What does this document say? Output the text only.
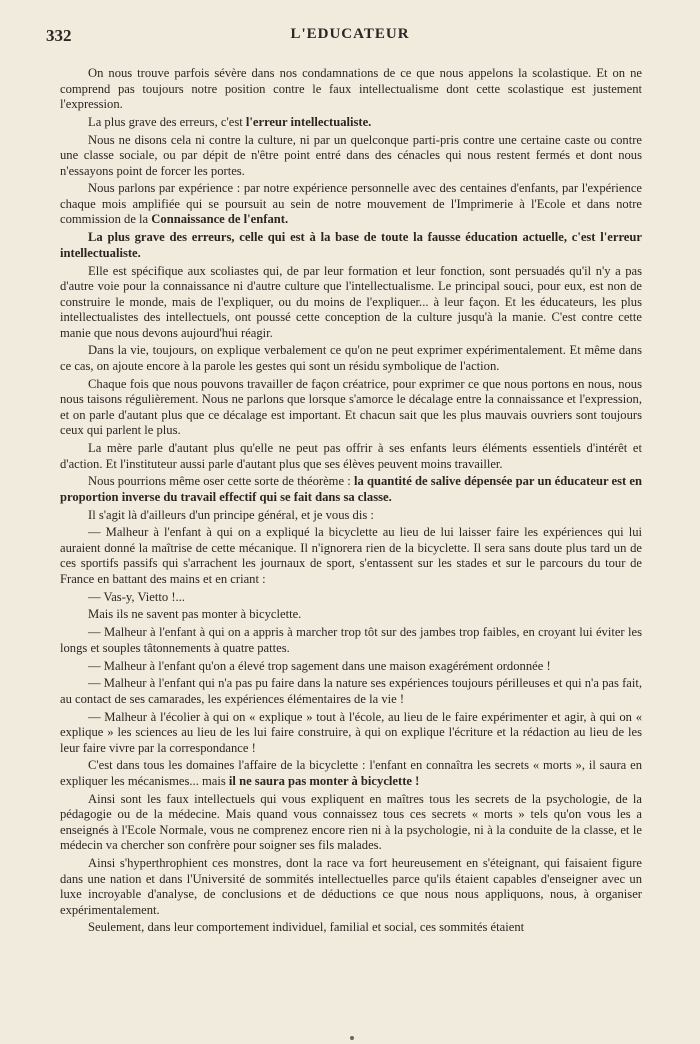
332	L'EDUCATEUR

On nous trouve parfois sévère dans nos condamnations de ce que nous appelons la scolastique. Et on ne comprend pas toujours notre position contre le faux intellectualisme dont cette scolastique est justement l'expression.

La plus grave des erreurs, c'est l'erreur intellectualiste.

Nous ne disons cela ni contre la culture, ni par un quelconque parti-pris contre une certaine caste ou contre une classe sociale, ou par dépit de n'être point entré dans des cénacles qui nous restent fermés et dont nous n'essayons point de forcer les portes.

Nous parlons par expérience : par notre expérience personnelle avec des centaines d'enfants, par l'expérience chaque mois amplifiée qui se poursuit au sein de notre mouvement de l'Imprimerie à l'Ecole et dans notre commission de la Connaissance de l'enfant.

La plus grave des erreurs, celle qui est à la base de toute la fausse éducation actuelle, c'est l'erreur intellectualiste.

Elle est spécifique aux scoliastes qui, de par leur formation et leur fonction, sont persuadés qu'il n'y a pas d'autre voie pour la connaissance ni d'autre culture que l'intellectualisme. Le principal souci, pour eux, est non de construire le monde, mais de l'expliquer, ou du moins de l'expliquer... à leur façon. Et les éducateurs, les plus intellectualistes des intellectuels, ont poussé cette conception de la culture jusqu'à la manie. C'est contre cette manie que nous devons aujourd'hui réagir.

Dans la vie, toujours, on explique verbalement ce qu'on ne peut exprimer expérimentalement. Et même dans ce cas, on ajoute encore à la parole les gestes qui sont un résidu symbolique de l'action.

Chaque fois que nous pouvons travailler de façon créatrice, pour exprimer ce que nous portons en nous, nous nous taisons régulièrement. Nous ne parlons que lorsque s'amorce le décalage entre la connaissance et l'expression, et on parle d'autant plus que ce décalage est important. Et chacun sait que les plus mauvais ouvriers sont toujours ceux qui parlent le plus.

La mère parle d'autant plus qu'elle ne peut pas offrir à ses enfants leurs éléments essentiels d'intérêt et d'action. Et l'instituteur aussi parle d'autant plus que ses élèves peuvent moins travailler.

Nous pourrions même oser cette sorte de théorème : la quantité de salive dépensée par un éducateur est en proportion inverse du travail effectif qui se fait dans sa classe.

Il s'agit là d'ailleurs d'un principe général, et je vous dis :

— Malheur à l'enfant à qui on a expliqué la bicyclette au lieu de lui laisser faire les expériences qui lui auraient donné la maîtrise de cette mécanique. Il n'ignorera rien de la bicyclette. Il sera sans doute plus tard un de ces sportifs passifs qui s'arrachent les journaux de sport, s'entassent sur les stades et sur le parcours du tour de France en battant des mains et en criant :

— Vas-y, Vietto !...

Mais ils ne savent pas monter à bicyclette.

— Malheur à l'enfant à qui on a appris à marcher trop tôt sur des jambes trop faibles, en croyant lui éviter les longs et souples tâtonnements à quatre pattes.

— Malheur à l'enfant qu'on a élevé trop sagement dans une maison exagérément ordonnée !

— Malheur à l'enfant qui n'a pas pu faire dans la nature ses expériences toujours périlleuses et qui n'a pas fait, au contact de ses camarades, les expériences élémentaires de la vie !

— Malheur à l'écolier à qui on « explique » tout à l'école, au lieu de le faire expérimenter et agir, à qui on « explique » les sciences au lieu de les lui faire construire, à qui on explique l'écriture et la rédaction au lieu de les leur faire vivre par la correspondance !

C'est dans tous les domaines l'affaire de la bicyclette : l'enfant en connaîtra les secrets « morts », il saura en expliquer les mécanismes... mais il ne saura pas monter à bicyclette !

Ainsi sont les faux intellectuels qui vous expliquent en maîtres tous les secrets de la psychologie, de la pédagogie ou de la médecine. Mais quand vous connaissez tous ces secrets « morts » tels qu'on vous les a enseignés à l'Ecole Normale, vous ne comprenez encore rien ni à la psychologie, ni à la conduite de la classe, et le médecin va chercher son confrère pour soigner ses fils malades.

Ainsi s'hyperthrophient ces monstres, dont la race va fort heureusement en s'éteignant, qui faisaient figure dans une nation et dans l'Université de sommités intellectuelles parce qu'ils étaient capables d'enseigner avec un luxe incroyable d'analyse, de conclusions et de déductions ce que nous nous appliquons, nous, à organiser expérimentalement.

Seulement, dans leur comportement individuel, familial et social, ces sommités étaient
